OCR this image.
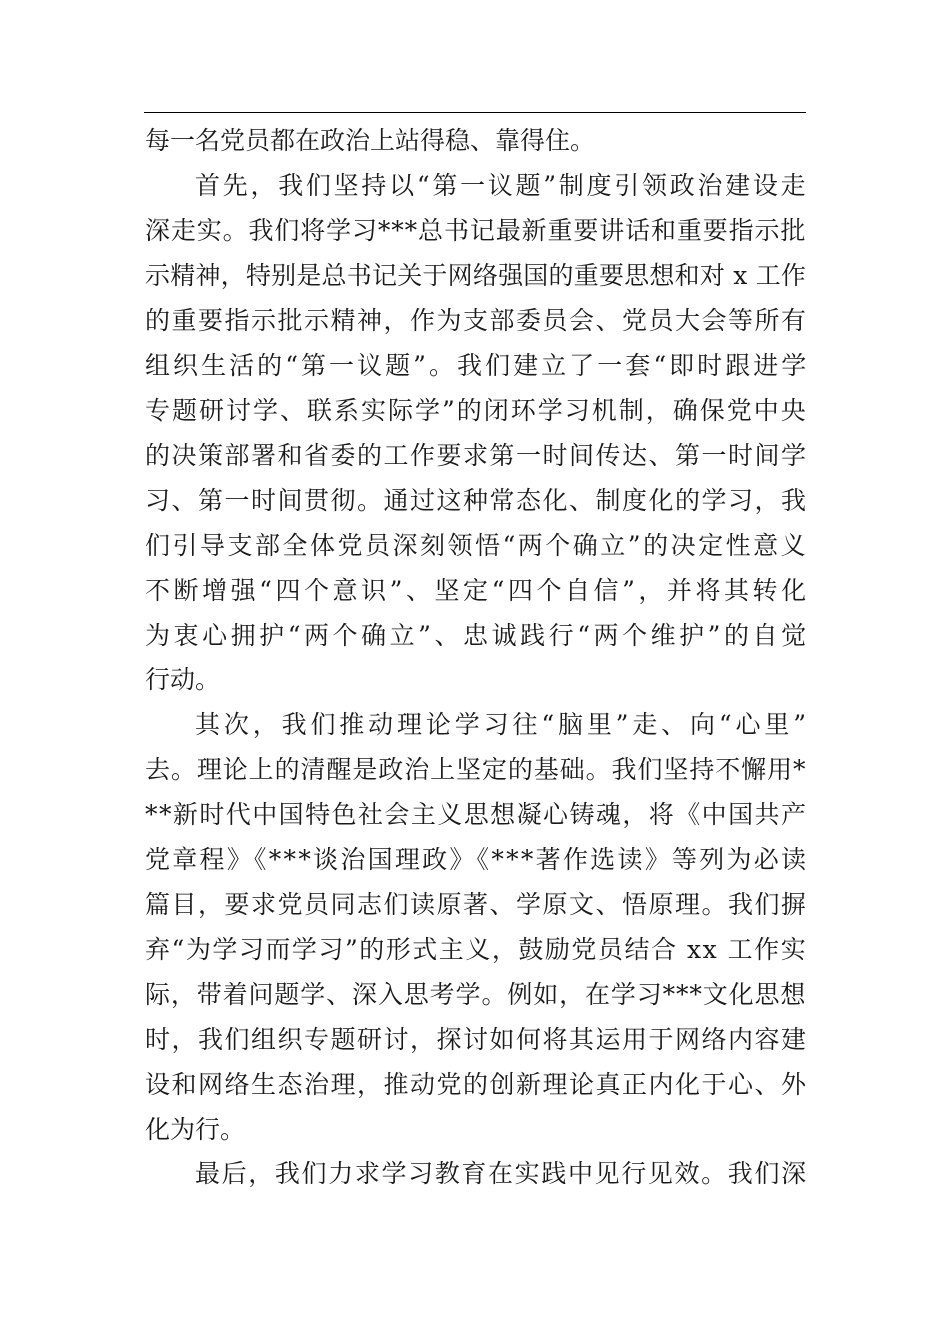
每一名党员都在政治上站得稳、靠得住。
首先，我们坚持以“第一议题”制度引领政治建设走
深走实。我们将学习***总书记最新重要讲话和重要指示批
示精神，特别是总书记关于网络强国的重要思想和对 x 工作
的重要指示批示精神，作为支部委员会、党员大会等所有
组织生活的“第一议题”。我们建立了一套“即时跟进学
专题研讨学、联系实际学”的闭环学习机制，确保党中央
的决策部署和省委的工作要求第一时间传达、第一时间学
习、第一时间贯彻。通过这种常态化、制度化的学习，我
们引导支部全体党员深刻领悟“两个确立”的决定性意义
不断增强“四个意识”、坚定“四个自信”，并将其转化
为衷心拥护“两个确立”、忠诚践行“两个维护”的自觉
行动。
其次，我们推动理论学习往“脑里”走、向“心里”
去。理论上的清醒是政治上坚定的基础。我们坚持不懈用*
**新时代中国特色社会主义思想凝心铸魂，将《中国共产
党章程》《***谈治国理政》《***著作选读》等列为必读
篇目，要求党员同志们读原著、学原文、悟原理。我们摒
弃“为学习而学习”的形式主义，鼓励党员结合 xx 工作实
际，带着问题学、深入思考学。例如，在学习***文化思想
时，我们组织专题研讨，探讨如何将其运用于网络内容建
设和网络生态治理，推动党的创新理论真正内化于心、外
化为行。
最后，我们力求学习教育在实践中见行见效。我们深
